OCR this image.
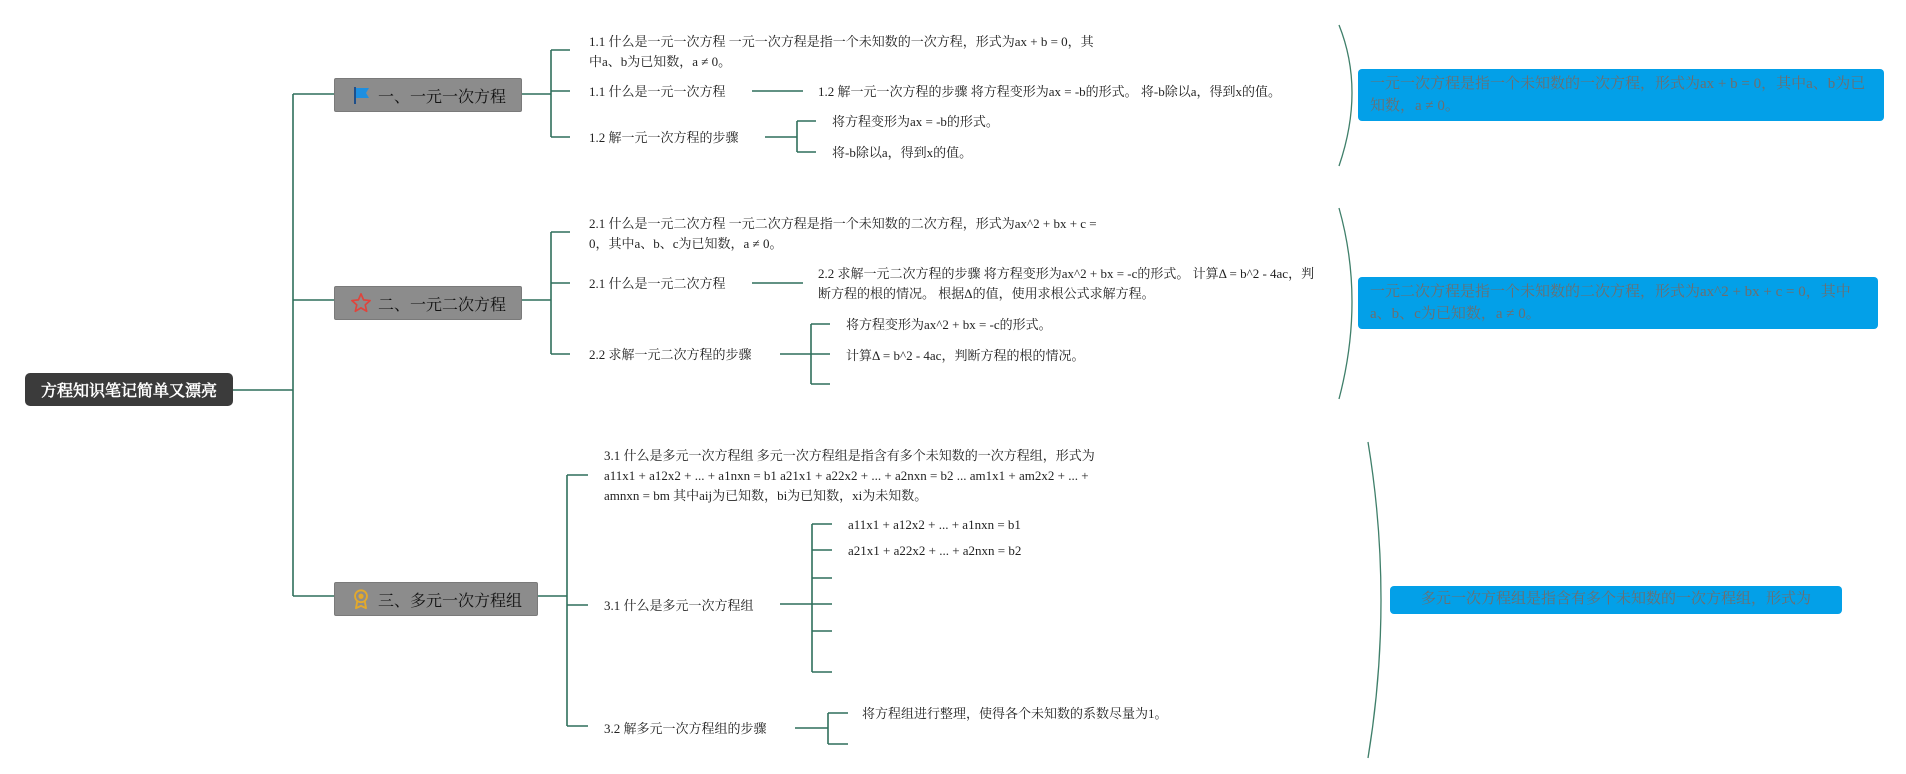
方程知识笔记简单又漂亮
一、一元一次方程
1.1 什么是一元一次方程 一元一次方程是指一个未知数的一次方程，形式为ax + b = 0，其中a、b为已知数，a ≠ 0。
1.1 什么是一元一次方程	1.2 解一元一次方程的步骤 将方程变形为ax = -b的形式。 将-b除以a，得到x的值。
1.2 解一元一次方程的步骤
将方程变形为ax = -b的形式。
将-b除以a，得到x的值。
一元一次方程是指一个未知数的一次方程，形式为ax + b = 0，其中a、b为已知数，a ≠ 0。
二、一元二次方程
2.1 什么是一元二次方程 一元二次方程是指一个未知数的二次方程，形式为ax^2 + bx + c = 0，其中a、b、c为已知数，a ≠ 0。
2.1 什么是一元二次方程
2.2 求解一元二次方程的步骤 将方程变形为ax^2 + bx = -c的形式。 计算Δ = b^2 - 4ac，判断方程的根的情况。 根据Δ的值，使用求根公式求解方程。
2.2 求解一元二次方程的步骤
将方程变形为ax^2 + bx = -c的形式。
计算Δ = b^2 - 4ac，判断方程的根的情况。
一元二次方程是指一个未知数的二次方程，形式为ax^2 + bx + c = 0，其中a、b、c为已知数，a ≠ 0。
三、多元一次方程组
3.1 什么是多元一次方程组 多元一次方程组是指含有多个未知数的一次方程组，形式为 a11x1 + a12x2 + ... + a1nxn = b1 a21x1 + a22x2 + ... + a2nxn = b2 ... am1x1 + am2x2 + ... + amnxn = bm 其中aij为已知数，bi为已知数，xi为未知数。
3.1 什么是多元一次方程组
a11x1 + a12x2 + ... + a1nxn = b1
a21x1 + a22x2 + ... + a2nxn = b2
3.2 解多元一次方程组的步骤
将方程组进行整理，使得各个未知数的系数尽量为1。
多元一次方程组是指含有多个未知数的一次方程组，形式为
